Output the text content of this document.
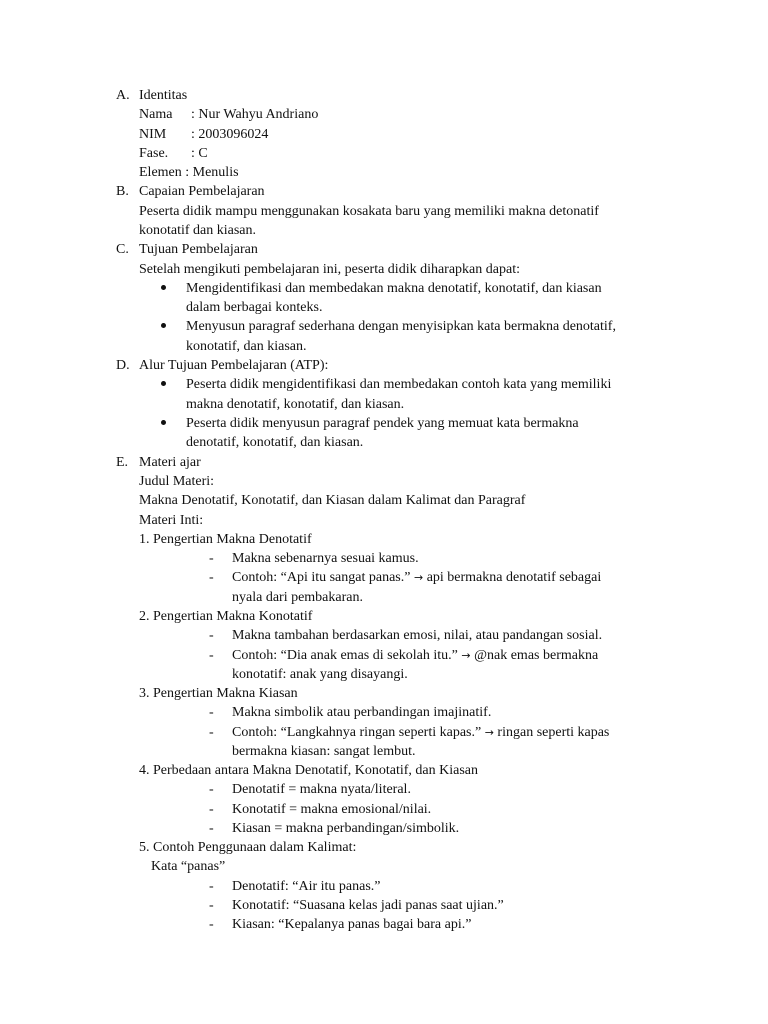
A. Identitas
Nama : Nur Wahyu Andriano
NIM : 2003096024
Fase. : C
Elemen : Menulis
B. Capaian Pembelajaran
Peserta didik mampu menggunakan kosakata baru yang memiliki makna detonatif
konotatif dan kiasan.
C. Tujuan Pembelajaran
Setelah mengikuti pembelajaran ini, peserta didik diharapkan dapat:
Mengidentifikasi dan membedakan makna denotatif, konotatif, dan kiasan
dalam berbagai konteks.
Menyusun paragraf sederhana dengan menyisipkan kata bermakna denotatif,
konotatif, dan kiasan.
D. Alur Tujuan Pembelajaran (ATP):
Peserta didik mengidentifikasi dan membedakan contoh kata yang memiliki
makna denotatif, konotatif, dan kiasan.
Peserta didik menyusun paragraf pendek yang memuat kata bermakna
denotatif, konotatif, dan kiasan.
E. Materi ajar
Judul Materi:
Makna Denotatif, Konotatif, dan Kiasan dalam Kalimat dan Paragraf
Materi Inti:
1. Pengertian Makna Denotatif
- Makna sebenarnya sesuai kamus.
- Contoh: “Api itu sangat panas.” → api bermakna denotatif sebagai
nyala dari pembakaran.
2. Pengertian Makna Konotatif
- Makna tambahan berdasarkan emosi, nilai, atau pandangan sosial.
- Contoh: “Dia anak emas di sekolah itu.” → @nak emas bermakna
konotatif: anak yang disayangi.
3. Pengertian Makna Kiasan
- Makna simbolik atau perbandingan imajinatif.
- Contoh: “Langkahnya ringan seperti kapas.” → ringan seperti kapas
bermakna kiasan: sangat lembut.
4. Perbedaan antara Makna Denotatif, Konotatif, dan Kiasan
- Denotatif = makna nyata/literal.
- Konotatif = makna emosional/nilai.
- Kiasan = makna perbandingan/simbolik.
5. Contoh Penggunaan dalam Kalimat:
Kata “panas”
- Denotatif: “Air itu panas.”
- Konotatif: “Suasana kelas jadi panas saat ujian.”
- Kiasan: “Kepalanya panas bagai bara api.”
